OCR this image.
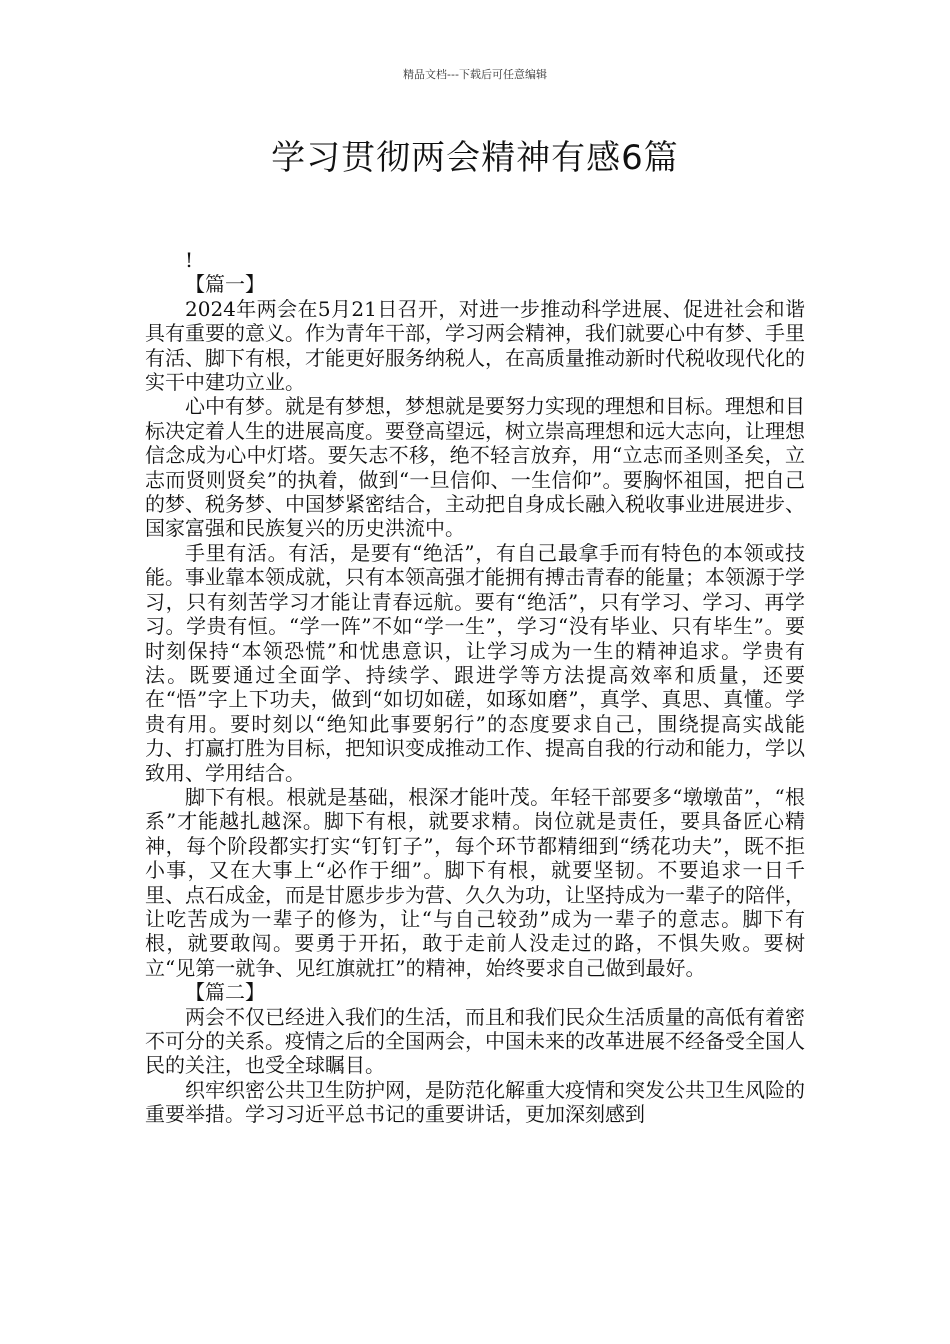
精品文档---下载后可任意编辑
学习贯彻两会精神有感6篇

!

【篇一】

2024年两会在5月21日召开，对进一步推动科学进展、促进社会和谐具有重要的意义。作为青年干部，学习两会精神，我们就要心中有梦、手里有活、脚下有根，才能更好服务纳税人，在高质量推动新时代税收现代化的实干中建功立业。

心中有梦。就是有梦想，梦想就是要努力实现的理想和目标。理想和目标决定着人生的进展高度。要登高望远，树立崇高理想和远大志向，让理想信念成为心中灯塔。要矢志不移，绝不轻言放弃，用“立志而圣则圣矣，立志而贤则贤矣”的执着，做到“一旦信仰、一生信仰”。要胸怀祖国，把自己的梦、税务梦、中国梦紧密结合，主动把自身成长融入税收事业进展进步、国家富强和民族复兴的历史洪流中。

手里有活。有活，是要有“绝活”，有自己最拿手而有特色的本领或技能。事业靠本领成就，只有本领高强才能拥有搏击青春的能量；本领源于学习，只有刻苦学习才能让青春远航。要有“绝活”，只有学习、学习、再学习。学贵有恒。“学一阵”不如“学一生”，学习“没有毕业、只有毕生”。要时刻保持“本领恐慌”和忧患意识，让学习成为一生的精神追求。学贵有法。既要通过全面学、持续学、跟进学等方法提高效率和质量，还要在“悟”字上下功夫，做到“如切如磋，如琢如磨”，真学、真思、真懂。学贵有用。要时刻以“绝知此事要躬行”的态度要求自己，围绕提高实战能力、打赢打胜为目标，把知识变成推动工作、提高自我的行动和能力，学以致用、学用结合。

脚下有根。根就是基础，根深才能叶茂。年轻干部要多“墩墩苗”，“根系”才能越扎越深。脚下有根，就要求精。岗位就是责任，要具备匠心精神，每个阶段都实打实“钉钉子”，每个环节都精细到“绣花功夫”，既不拒小事，又在大事上“必作于细”。脚下有根，就要坚韧。不要追求一日千里、点石成金，而是甘愿步步为营、久久为功，让坚持成为一辈子的陪伴，让吃苦成为一辈子的修为，让“与自己较劲”成为一辈子的意志。脚下有根，就要敢闯。要勇于开拓，敢于走前人没走过的路，不惧失败。要树立“见第一就争、见红旗就扛”的精神，始终要求自己做到最好。

【篇二】

两会不仅已经进入我们的生活，而且和我们民众生活质量的高低有着密不可分的关系。疫情之后的全国两会，中国未来的改革进展不经备受全国人民的关注，也受全球瞩目。

织牢织密公共卫生防护网，是防范化解重大疫情和突发公共卫生风险的重要举措。学习习近平总书记的重要讲话，更加深刻感到
